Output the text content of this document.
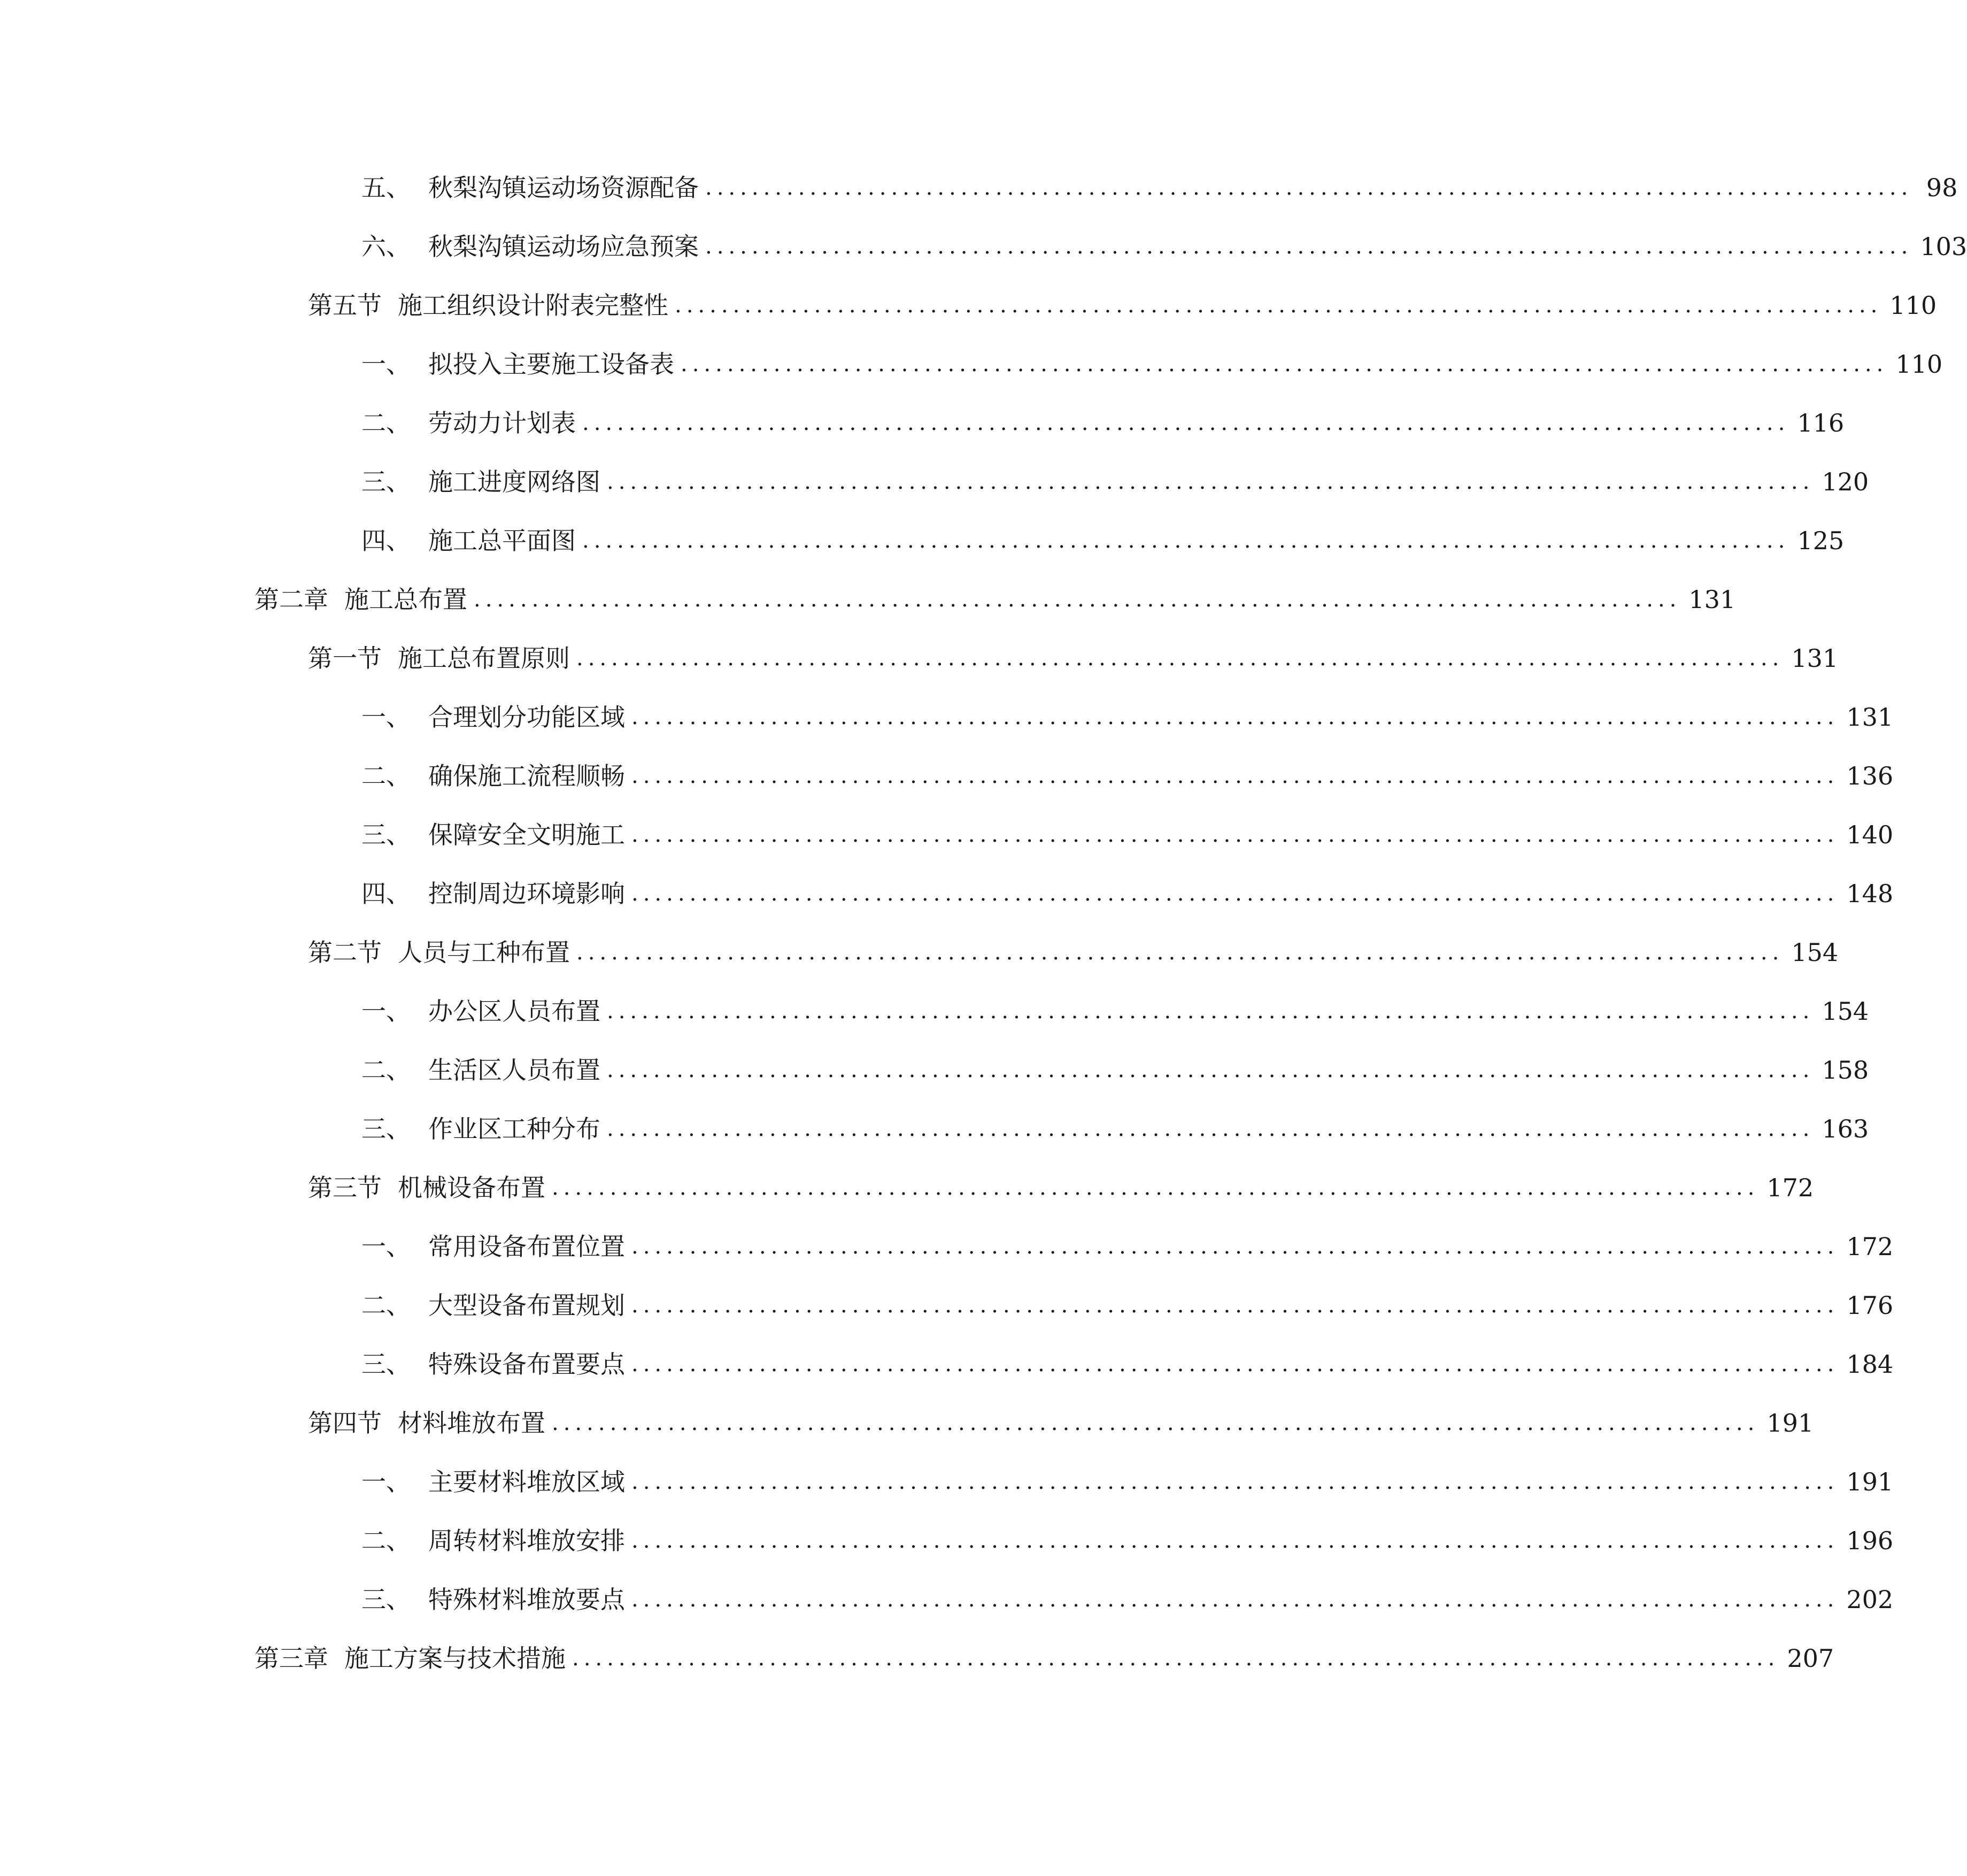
五、 秋梨沟镇运动场资源配备 ........................................................................................................ 98
六、 秋梨沟镇运动场应急预案 ........................................................................................................ 103
第五节 施工组织设计附表完整性 ........................................................................................................ 110
一、 拟投入主要施工设备表 ........................................................................................................ 110
二、 劳动力计划表 ........................................................................................................ 116
三、 施工进度网络图 ........................................................................................................ 120
四、 施工总平面图 ........................................................................................................ 125
第二章 施工总布置 ........................................................................................................ 131
第一节 施工总布置原则 ........................................................................................................ 131
一、 合理划分功能区域 ........................................................................................................ 131
二、 确保施工流程顺畅 ........................................................................................................ 136
三、 保障安全文明施工 ........................................................................................................ 140
四、 控制周边环境影响 ........................................................................................................ 148
第二节 人员与工种布置 ........................................................................................................ 154
一、 办公区人员布置 ........................................................................................................ 154
二、 生活区人员布置 ........................................................................................................ 158
三、 作业区工种分布 ........................................................................................................ 163
第三节 机械设备布置 ........................................................................................................ 172
一、 常用设备布置位置 ........................................................................................................ 172
二、 大型设备布置规划 ........................................................................................................ 176
三、 特殊设备布置要点 ........................................................................................................ 184
第四节 材料堆放布置 ........................................................................................................ 191
一、 主要材料堆放区域 ........................................................................................................ 191
二、 周转材料堆放安排 ........................................................................................................ 196
三、 特殊材料堆放要点 ........................................................................................................ 202
第三章 施工方案与技术措施 ........................................................................................................ 207
